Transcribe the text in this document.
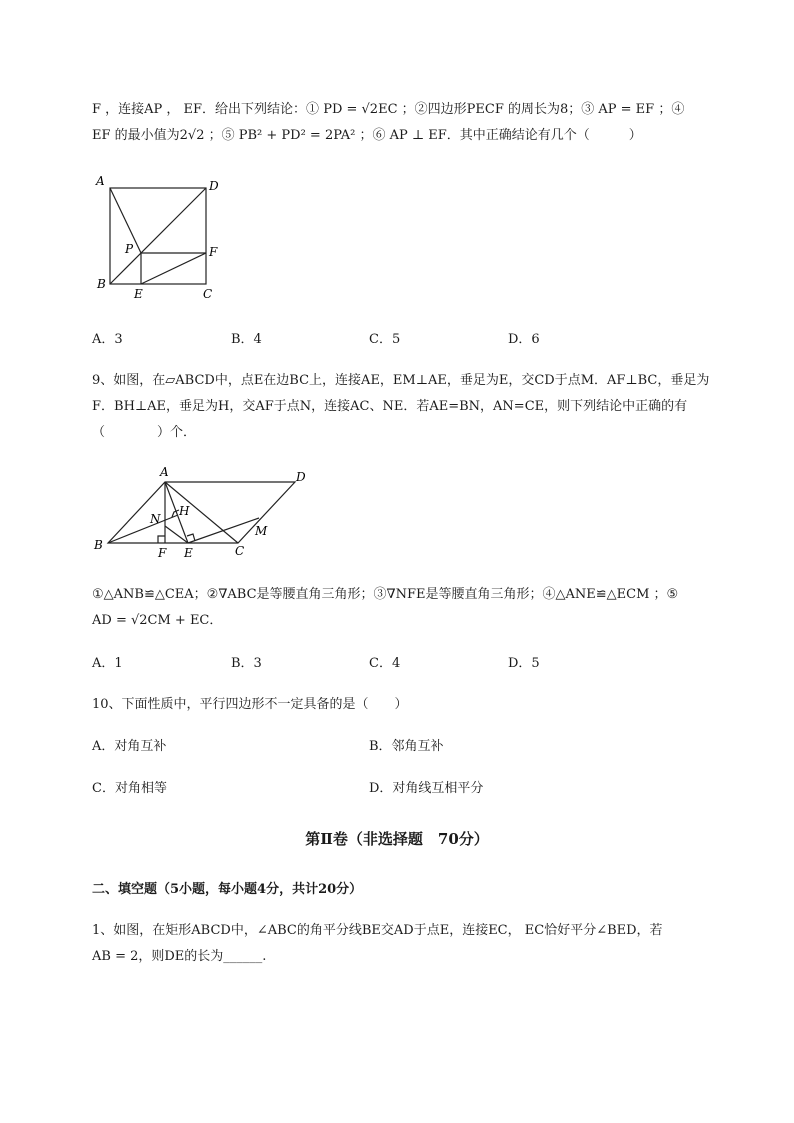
F ，连接AP ， EF．给出下列结论：① PD = √2EC ；②四边形PECF 的周长为8；③ AP = EF ；④
EF 的最小值为2√2 ；⑤ PB² + PD² = 2PA² ；⑥ AP ⊥ EF．其中正确结论有几个（　　　）
A	D
P	F
B
E	C
A．3	B．4	C．5	D．6
9、如图，在▱ABCD中，点E在边BC上，连接AE，EM⊥AE，垂足为E，交CD于点M．AF⊥BC，垂足为
F．BH⊥AE，垂足为H，交AF于点N，连接AC、NE．若AE=BN，AN=CE，则下列结论中正确的有
（　　　　）个．
A	D
N
H
M
B
F E	C
①△ANB≌△CEA；②∇ABC是等腰直角三角形；③∇NFE是等腰直角三角形；④△ANE≌△ECM ；⑤
AD = √2CM + EC．
A．1	B．3	C．4	D．5
10、下面性质中，平行四边形不一定具备的是（　　）
A．对角互补	B．邻角互补
C．对角相等	D．对角线互相平分
第Ⅱ卷（非选择题　70分）
二、填空题（5小题，每小题4分，共计20分）
1、如图，在矩形ABCD中，∠ABC的角平分线BE交AD于点E，连接EC， EC恰好平分∠BED，若
AB = 2，则DE的长为______.
